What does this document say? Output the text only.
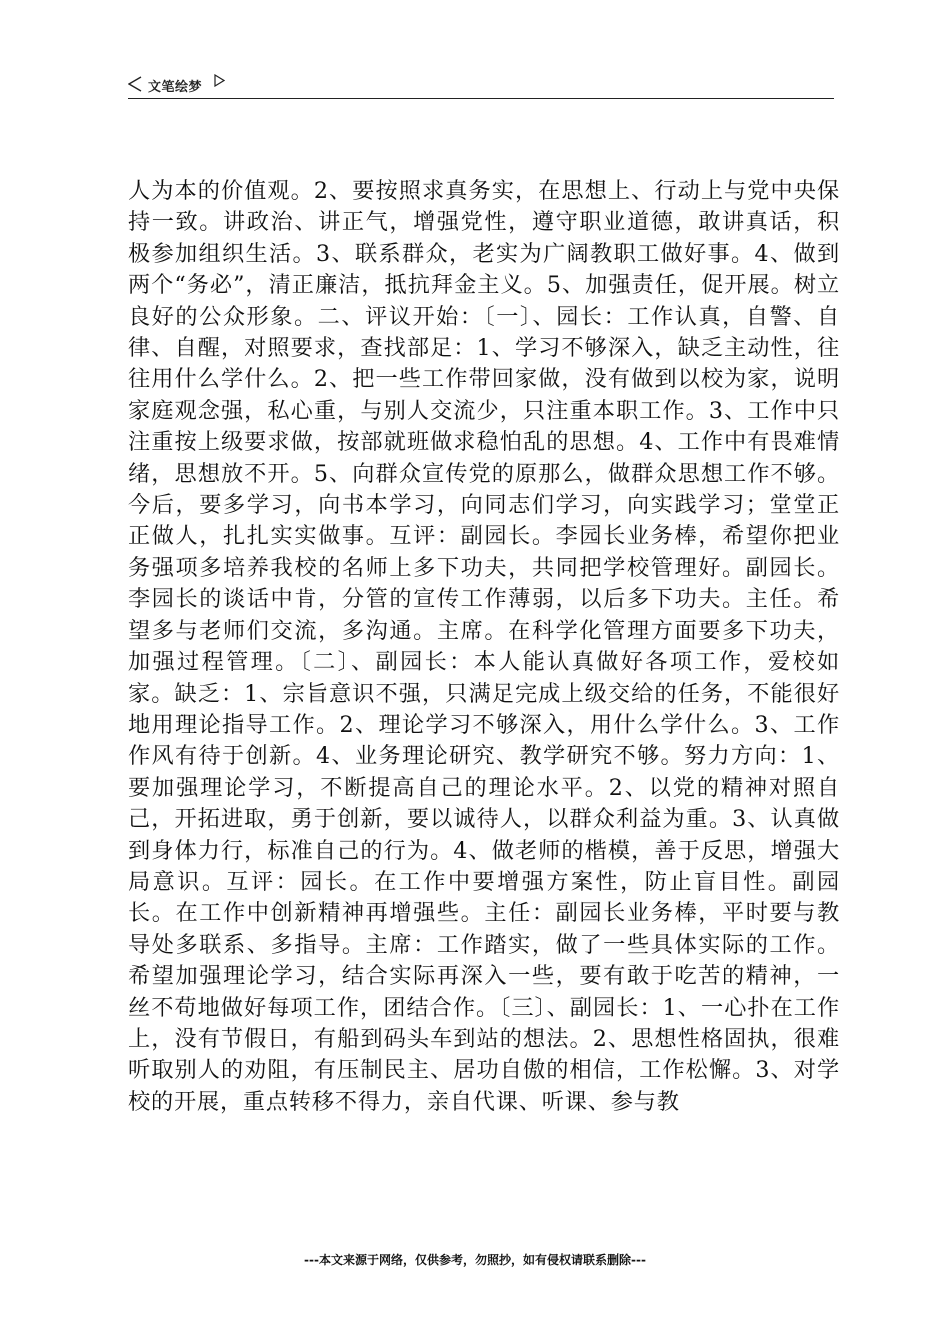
文笔绘梦

人为本的价值观。2、要按照求真务实，在思想上、行动上与党中央保持一致。讲政治、讲正气，增强党性，遵守职业道德，敢讲真话，积极参加组织生活。3、联系群众，老实为广阔教职工做好事。4、做到两个“务必”，清正廉洁，抵抗拜金主义。5、加强责任，促开展。树立良好的公众形象。二、评议开始：〔一〕、园长：工作认真，自警、自律、自醒，对照要求，查找部足：1、学习不够深入，缺乏主动性，往往用什么学什么。2、把一些工作带回家做，没有做到以校为家，说明家庭观念强，私心重，与别人交流少，只注重本职工作。3、工作中只注重按上级要求做，按部就班做求稳怕乱的思想。4、工作中有畏难情绪，思想放不开。5、向群众宣传党的原那么，做群众思想工作不够。今后，要多学习，向书本学习，向同志们学习，向实践学习；堂堂正正做人，扎扎实实做事。互评：副园长。李园长业务棒，希望你把业务强项多培养我校的名师上多下功夫，共同把学校管理好。副园长。李园长的谈话中肯，分管的宣传工作薄弱，以后多下功夫。主任。希望多与老师们交流，多沟通。主席。在科学化管理方面要多下功夫，加强过程管理。〔二〕、副园长：本人能认真做好各项工作，爱校如家。缺乏：1、宗旨意识不强，只满足完成上级交给的任务，不能很好地用理论指导工作。2、理论学习不够深入，用什么学什么。3、工作作风有待于创新。4、业务理论研究、教学研究不够。努力方向：1、要加强理论学习，不断提高自己的理论水平。2、以党的精神对照自己，开拓进取，勇于创新，要以诚待人，以群众利益为重。3、认真做到身体力行，标准自己的行为。4、做老师的楷模，善于反思，增强大局意识。互评：园长。在工作中要增强方案性，防止盲目性。副园长。在工作中创新精神再增强些。主任：副园长业务棒，平时要与教导处多联系、多指导。主席：工作踏实，做了一些具体实际的工作。希望加强理论学习，结合实际再深入一些，要有敢于吃苦的精神，一丝不苟地做好每项工作，团结合作。〔三〕、副园长：1、一心扑在工作上，没有节假日，有船到码头车到站的想法。2、思想性格固执，很难听取别人的劝阻，有压制民主、居功自傲的相信，工作松懈。3、对学校的开展，重点转移不得力，亲自代课、听课、参与教

---本文来源于网络，仅供参考，勿照抄，如有侵权请联系删除---
